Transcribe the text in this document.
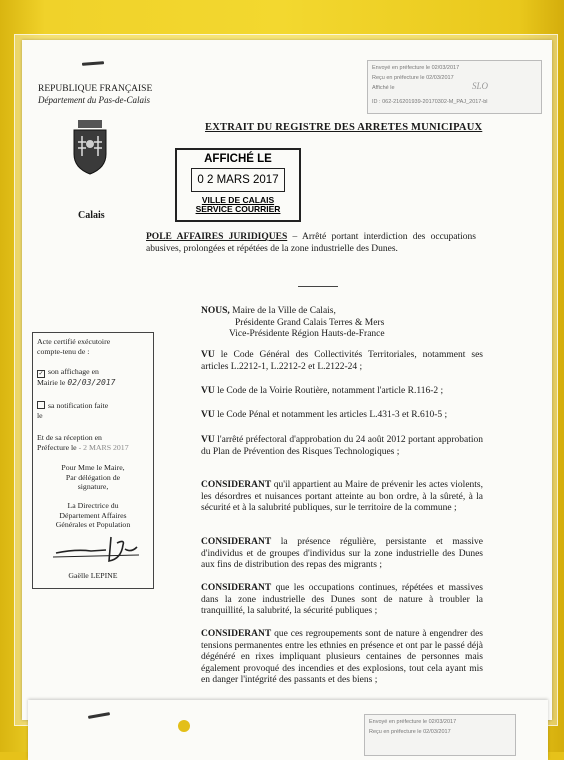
REPUBLIQUE FRANÇAISE
Département du Pas-de-Calais
Calais
Envoyé en préfecture le 02/03/2017
Reçu en préfecture le 02/03/2017
Affiché le	SLO
ID : 062-216201939-20170302-M_PAJ_2017-bl
EXTRAIT DU REGISTRE DES ARRETES MUNICIPAUX
AFFICHÉ LE
0 2 MARS 2017
VILLE DE CALAIS
SERVICE COURRIER
POLE AFFAIRES JURIDIQUES – Arrêté portant interdiction des occupations abusives, prolongées et répétées de la zone industrielle des Dunes.
NOUS, Maire de la Ville de Calais,
Présidente Grand Calais Terres & Mers
Vice-Présidente Région Hauts-de-France
VU le Code Général des Collectivités Territoriales, notamment ses articles L.2212-1, L.2212-2 et L.2122-24 ;
VU le Code de la Voirie Routière, notamment l'article R.116-2 ;
VU le Code Pénal et notamment les articles L.431-3 et R.610-5 ;
VU l'arrêté préfectoral d'approbation du 24 août 2012 portant approbation du Plan de Prévention des Risques Technologiques ;
CONSIDERANT qu'il appartient au Maire de prévenir les actes violents, les désordres et nuisances portant atteinte au bon ordre, à la sûreté, à la sécurité et à la salubrité publiques, sur le territoire de la commune ;
CONSIDERANT la présence régulière, persistante et massive d'individus et de groupes d'individus sur la zone industrielle des Dunes aux fins de distribution des repas des migrants ;
CONSIDERANT que les occupations continues, répétées et massives dans la zone industrielle des Dunes sont de nature à troubler la tranquillité, la salubrité, la sécurité publiques ;
CONSIDERANT que ces regroupements sont de nature à engendrer des tensions permanentes entre les ethnies en présence et ont par le passé déjà dégénéré en rixes impliquant plusieurs centaines de personnes mais également provoqué des incendies et des explosions, tout cela ayant mis en danger l'intégrité des passants et des biens ;
Acte certifié exécutoire
compte-tenu de :
✓ son affichage en
Mairie le 02/03/2017
sa notification faite
le
Et de sa réception en
Préfecture le - 2 MARS 2017
Pour Mme le Maire,
Par délégation de
signature,
La Directrice du
Département Affaires
Générales et Population
Gaëlle LEPINE
Envoyé en préfecture le 02/03/2017
Reçu en préfecture le 02/03/2017
